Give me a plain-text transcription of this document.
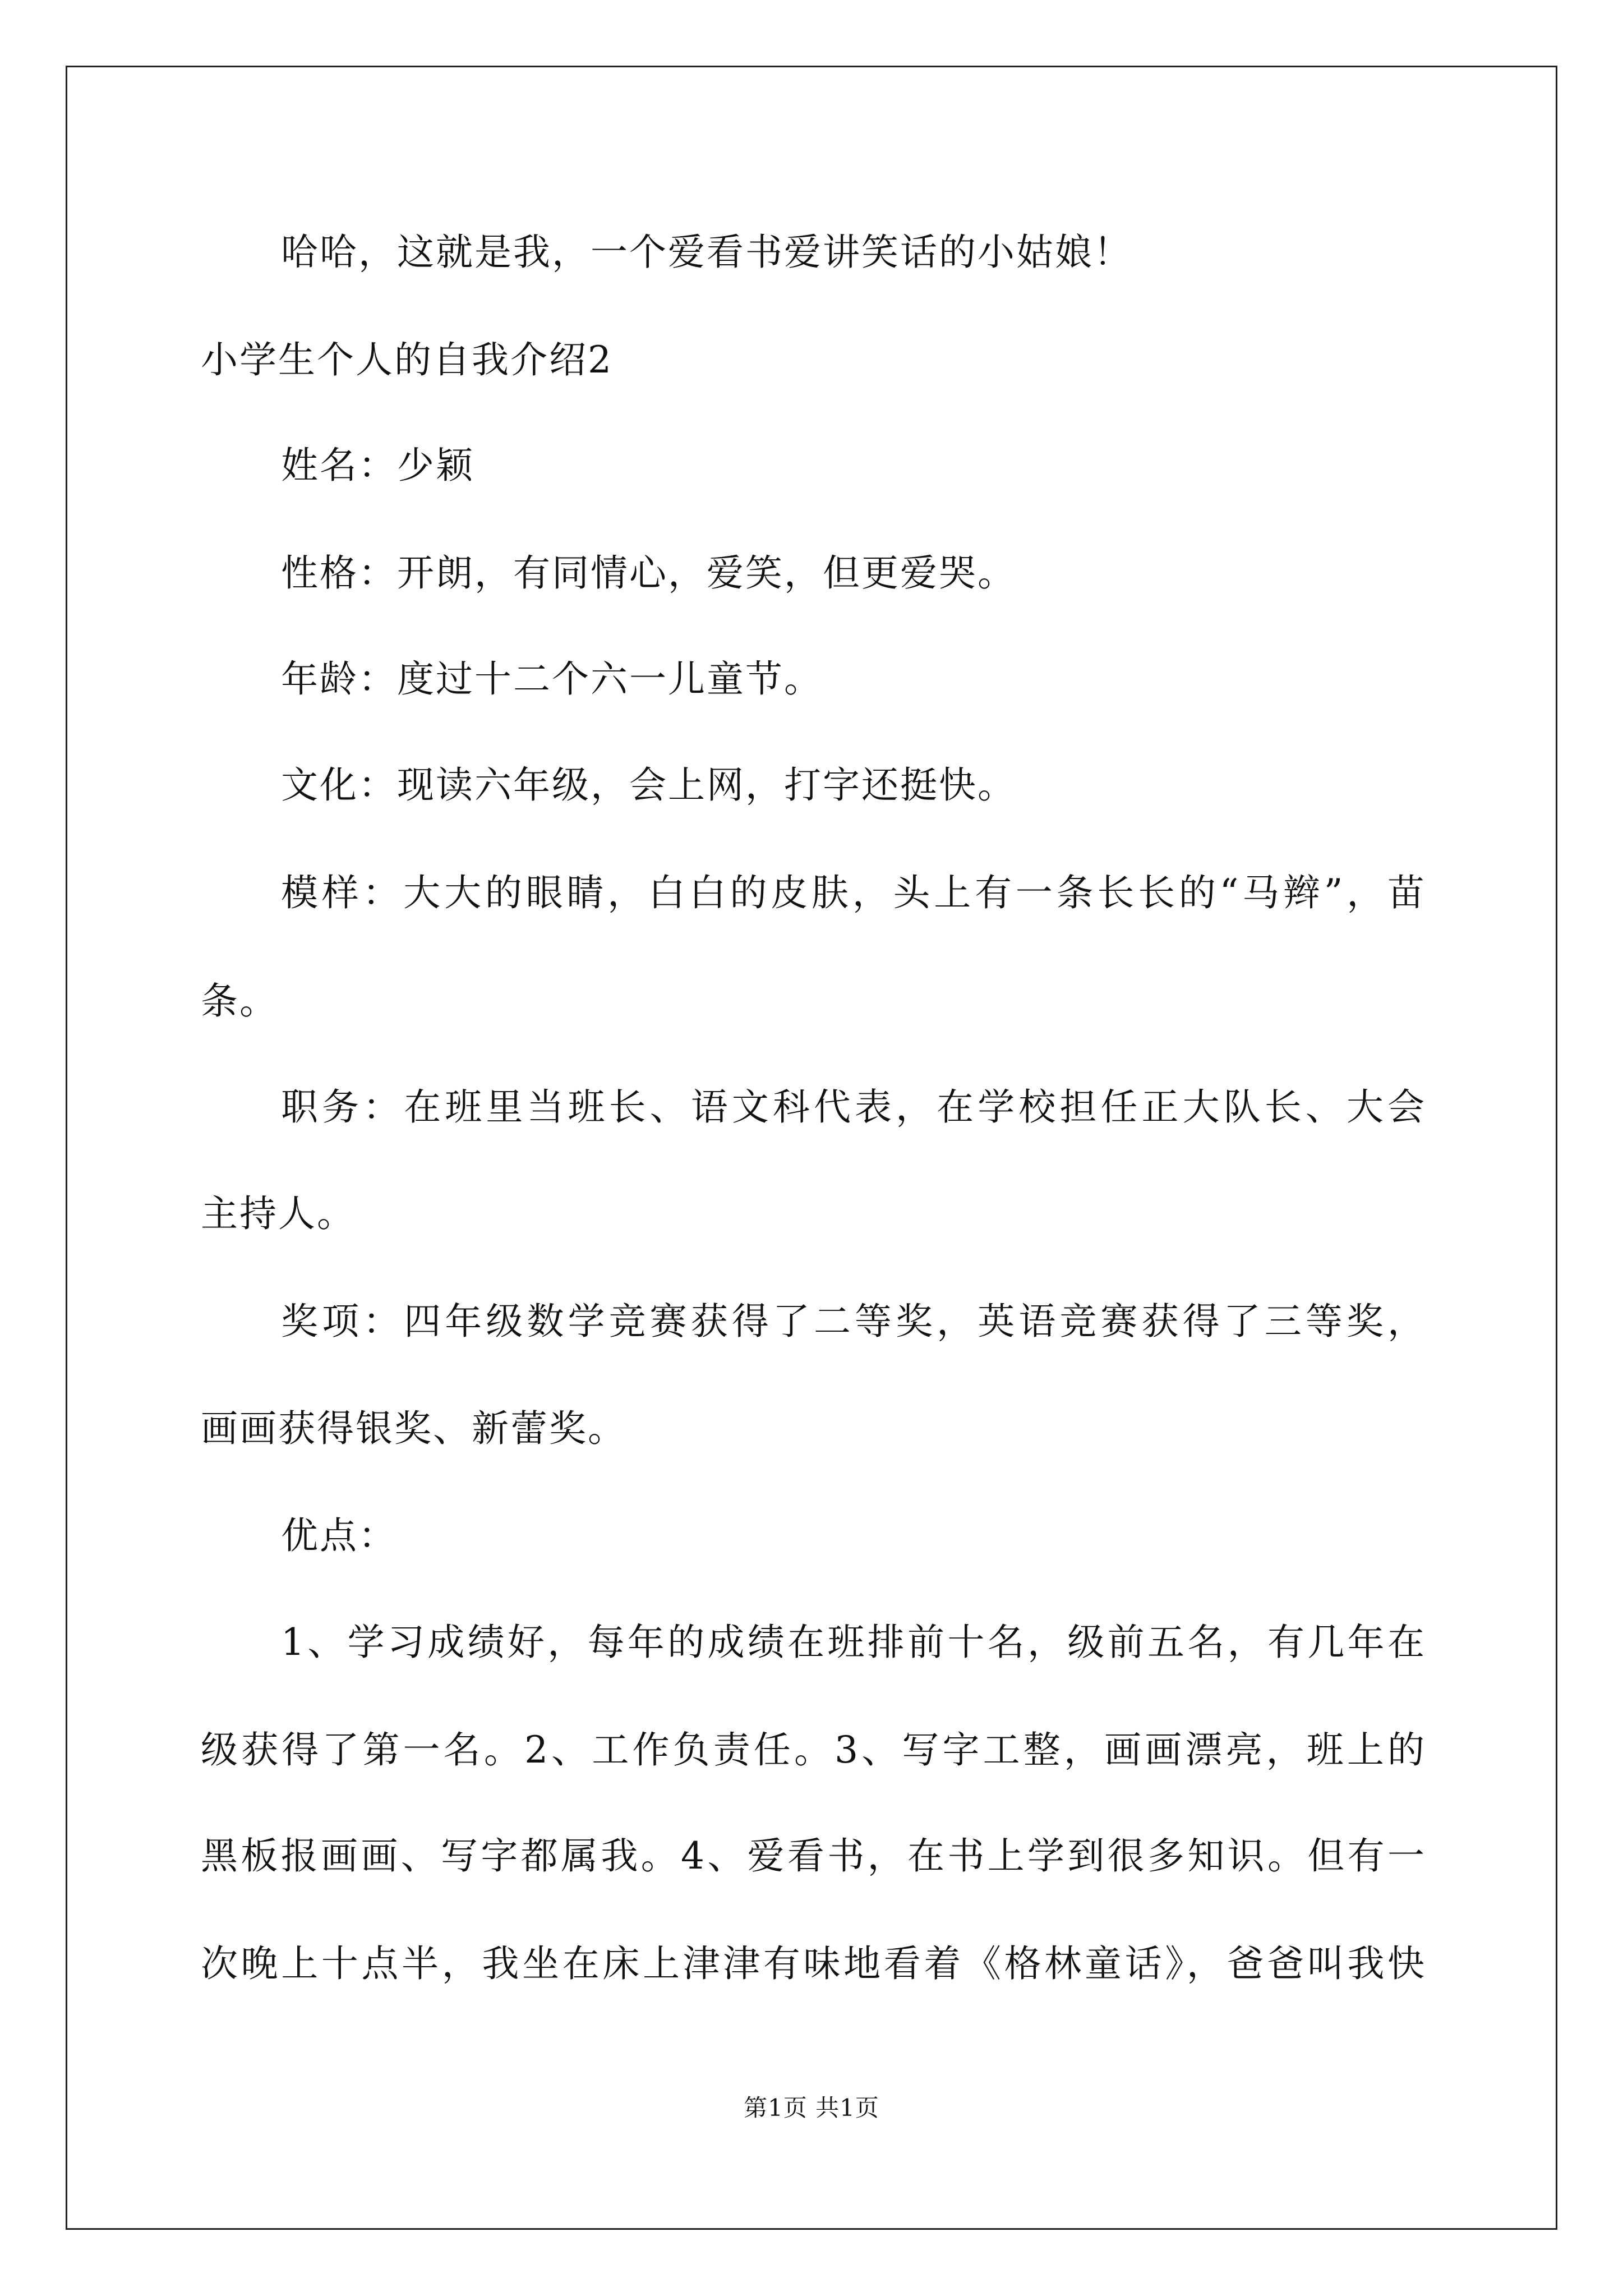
哈哈，这就是我，一个爱看书爱讲笑话的小姑娘！
小学生个人的自我介绍2
姓名：少颖
性格：开朗，有同情心，爱笑，但更爱哭。
年龄：度过十二个六一儿童节。
文化：现读六年级，会上网，打字还挺快。
模样：大大的眼睛，白白的皮肤，头上有一条长长的“马辫”，苗
条。
职务：在班里当班长、语文科代表，在学校担任正大队长、大会
主持人。
奖项：四年级数学竞赛获得了二等奖，英语竞赛获得了三等奖，
画画获得银奖、新蕾奖。
优点：
1、学习成绩好，每年的成绩在班排前十名，级前五名，有几年在
级获得了第一名。2、工作负责任。3、写字工整，画画漂亮，班上的
黑板报画画、写字都属我。4、爱看书，在书上学到很多知识。但有一
次晚上十点半，我坐在床上津津有味地看着《格林童话》，爸爸叫我快
第1页 共1页
